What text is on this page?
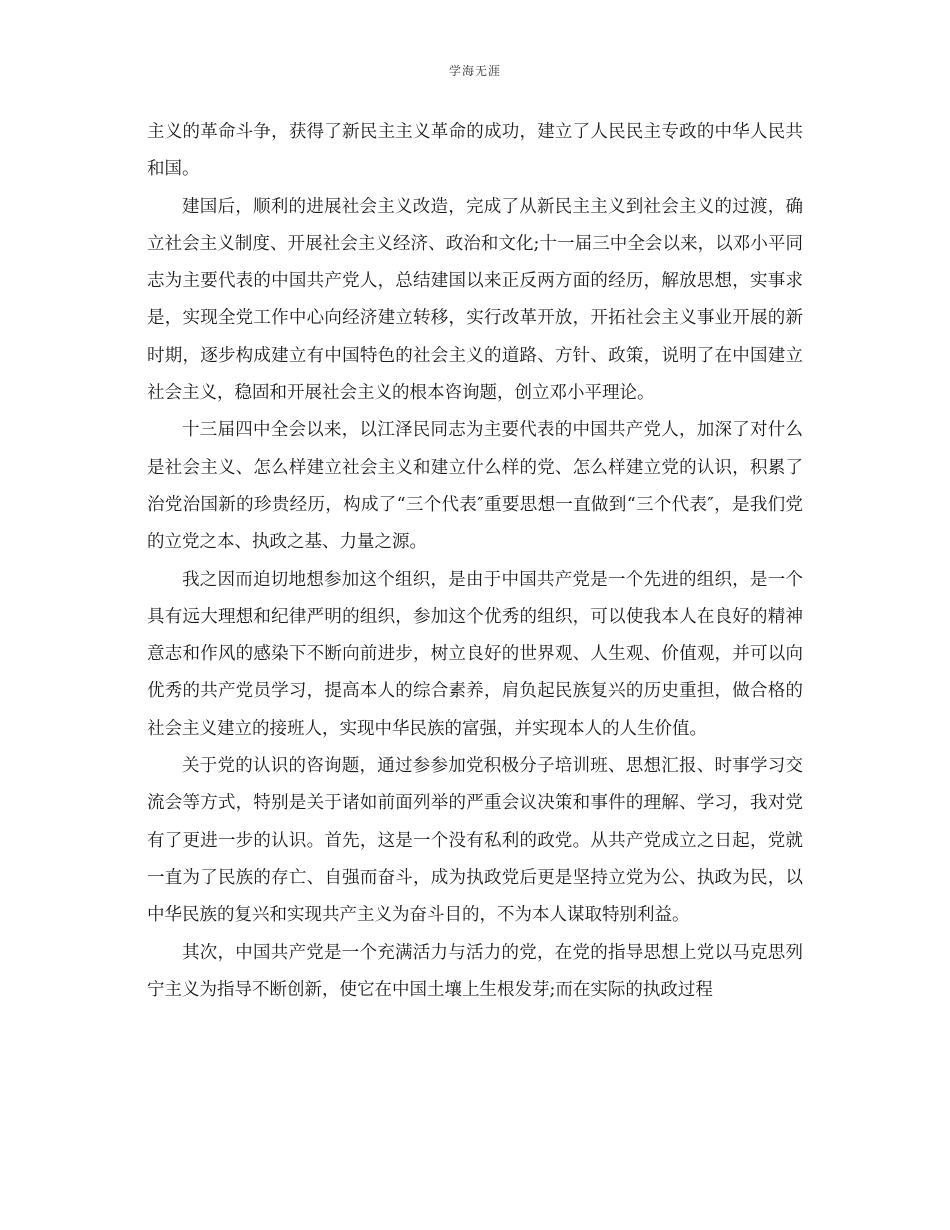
学海无涯

主义的革命斗争，获得了新民主主义革命的成功，建立了人民民主专政的中华人民共和国。

建国后，顺利的进展社会主义改造，完成了从新民主主义到社会主义的过渡，确立社会主义制度、开展社会主义经济、政治和文化;十一届三中全会以来，以邓小平同志为主要代表的中国共产党人，总结建国以来正反两方面的经历，解放思想，实事求是，实现全党工作中心向经济建立转移，实行改革开放，开拓社会主义事业开展的新时期，逐步构成建立有中国特色的社会主义的道路、方针、政策，说明了在中国建立社会主义，稳固和开展社会主义的根本咨询题，创立邓小平理论。

十三届四中全会以来，以江泽民同志为主要代表的中国共产党人，加深了对什么是社会主义、怎么样建立社会主义和建立什么样的党、怎么样建立党的认识，积累了治党治国新的珍贵经历，构成了“三个代表″重要思想一直做到“三个代表″，是我们党的立党之本、执政之基、力量之源。

我之因而迫切地想参加这个组织，是由于中国共产党是一个先进的组织，是一个具有远大理想和纪律严明的组织，参加这个优秀的组织，可以使我本人在良好的精神意志和作风的感染下不断向前进步，树立良好的世界观、人生观、价值观，并可以向优秀的共产党员学习，提高本人的综合素养，肩负起民族复兴的历史重担，做合格的社会主义建立的接班人，实现中华民族的富强，并实现本人的人生价值。

关于党的认识的咨询题，通过参参加党积极分子培训班、思想汇报、时事学习交流会等方式，特别是关于诸如前面列举的严重会议决策和事件的理解、学习，我对党有了更进一步的认识。首先，这是一个没有私利的政党。从共产党成立之日起，党就一直为了民族的存亡、自强而奋斗，成为执政党后更是坚持立党为公、执政为民，以中华民族的复兴和实现共产主义为奋斗目的，不为本人谋取特别利益。

其次，中国共产党是一个充满活力与活力的党，在党的指导思想上党以马克思列宁主义为指导不断创新，使它在中国土壤上生根发芽;而在实际的执政过程
